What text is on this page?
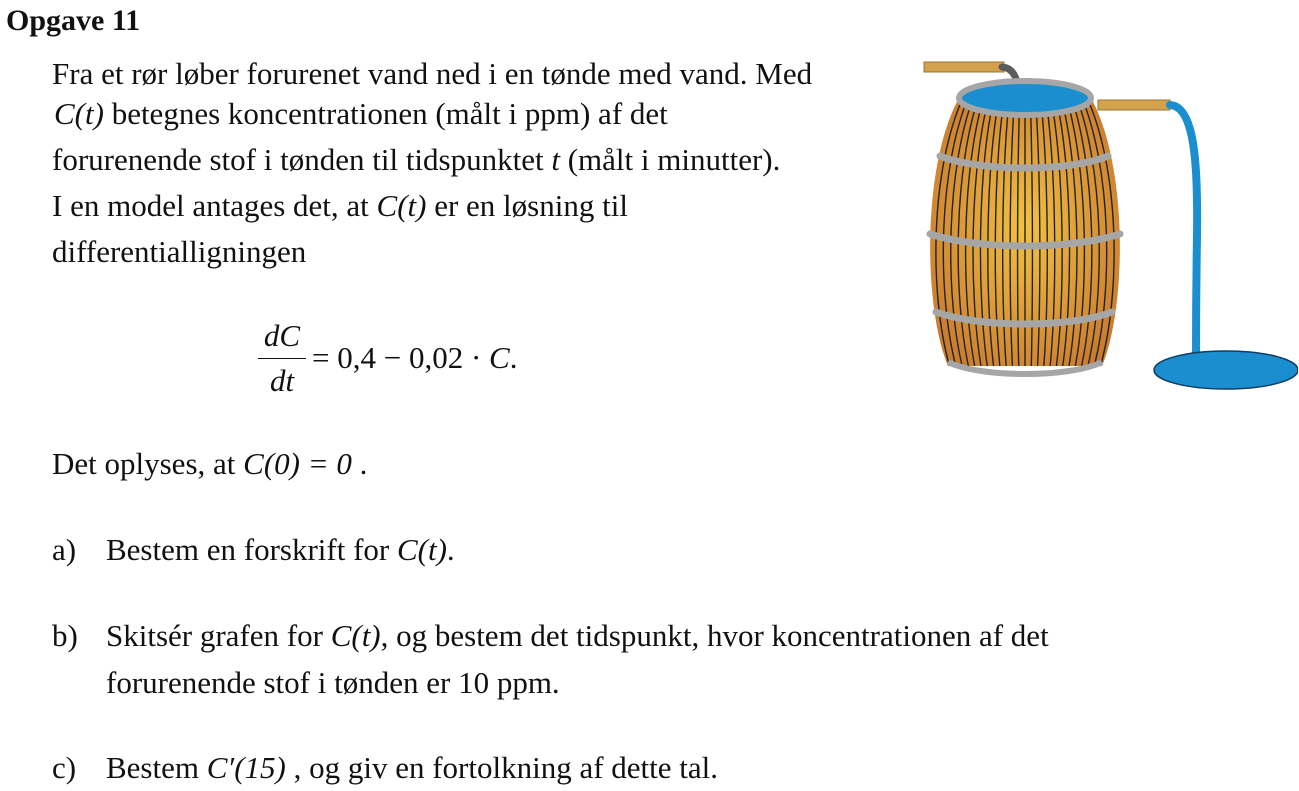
Opgave 11
Fra et rør løber forurenet vand ned i en tønde med vand. Med
C(t) betegnes koncentrationen (målt i ppm) af det
forurenende stof i tønden til tidspunktet t (målt i minutter).
I en model antages det, at C(t) er en løsning til
differentialligningen
$\frac{dC}{dt} = 0,4 - 0,02 \cdot C$.
Det oplyses, at C(0) = 0 .
a) Bestem en forskrift for C(t).
b) Skitsér grafen for C(t), og bestem det tidspunkt, hvor koncentrationen af det
forurenende stof i tønden er 10 ppm.
c) Bestem C′(15) , og giv en fortolkning af dette tal.
